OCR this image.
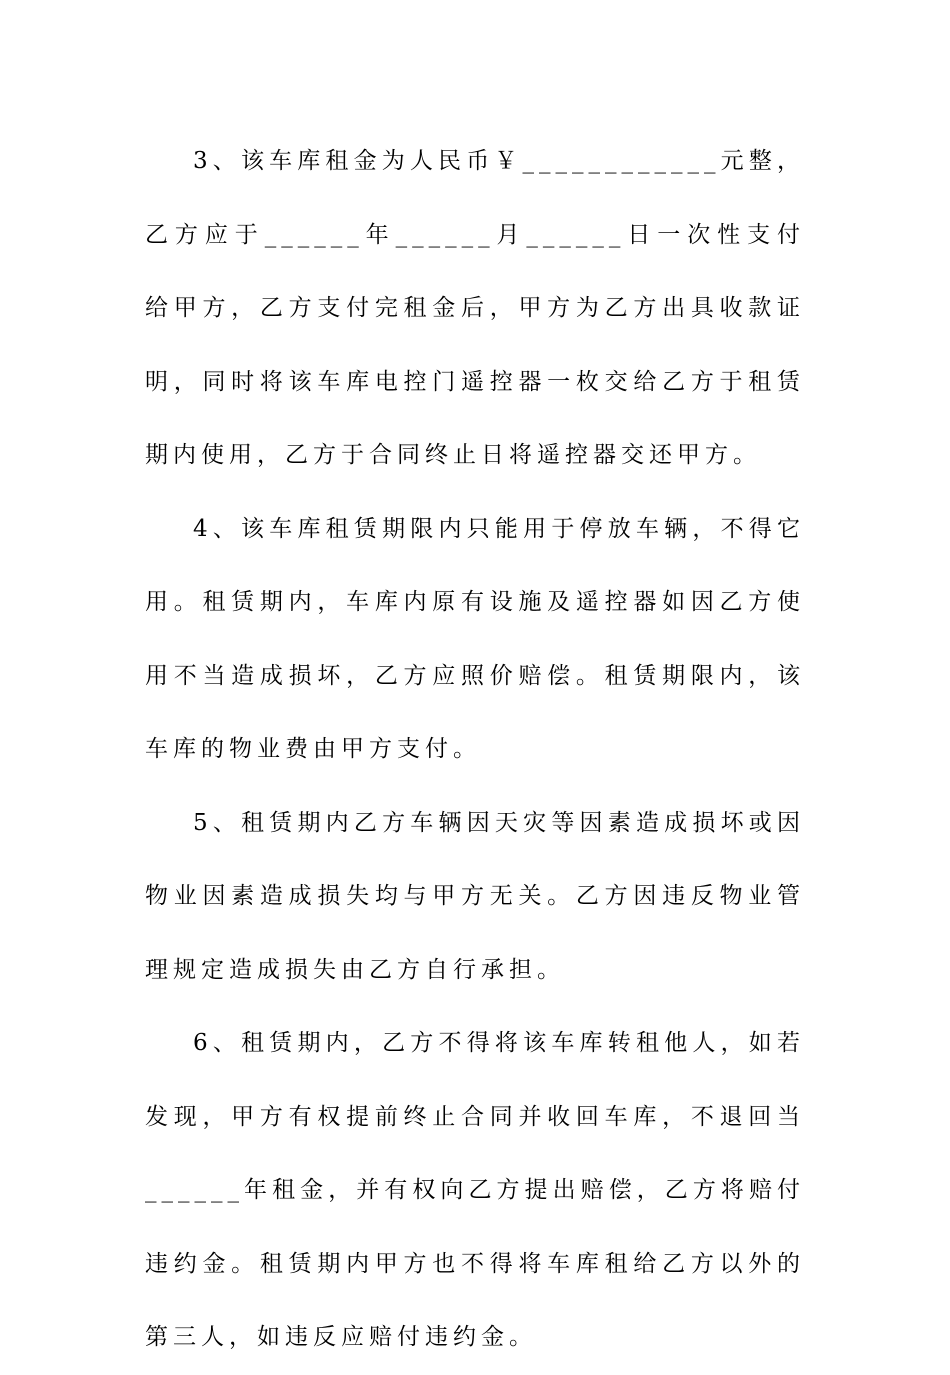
3、该车库租金为人民币￥____________元整，乙方应于______年______月______日一次性支付给甲方，乙方支付完租金后，甲方为乙方出具收款证明，同时将该车库电控门遥控器一枚交给乙方于租赁期内使用，乙方于合同终止日将遥控器交还甲方。

4、该车库租赁期限内只能用于停放车辆，不得它用。租赁期内，车库内原有设施及遥控器如因乙方使用不当造成损坏，乙方应照价赔偿。租赁期限内，该车库的物业费由甲方支付。

5、租赁期内乙方车辆因天灾等因素造成损坏或因物业因素造成损失均与甲方无关。乙方因违反物业管理规定造成损失由乙方自行承担。

6、租赁期内，乙方不得将该车库转租他人，如若发现，甲方有权提前终止合同并收回车库，不退回当______年租金，并有权向乙方提出赔偿，乙方将赔付违约金。租赁期内甲方也不得将车库租给乙方以外的第三人，如违反应赔付违约金。
